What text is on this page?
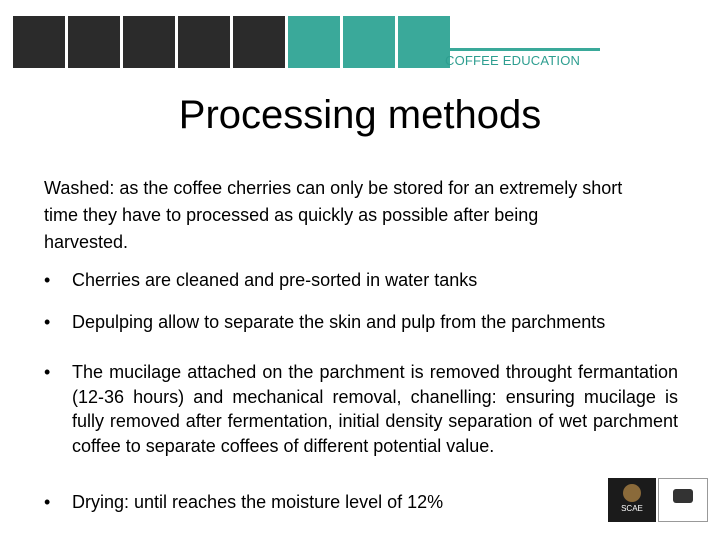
COFFEE EDUCATION
Processing methods
Washed: as the coffee cherries can only be stored for an extremely short time they have to processed as quickly as possible after being harvested.
•	Cherries are cleaned and pre-sorted in water tanks
•	Depulping allow to separate the skin and pulp from the parchments
•	The mucilage attached on the parchment is removed throught fermantation (12-36 hours) and mechanical removal, chanelling: ensuring mucilage is fully removed after fermentation, initial density separation of wet parchment coffee to separate coffees of different potential value.
•	Drying: until reaches the moisture level of 12%	SCAE
